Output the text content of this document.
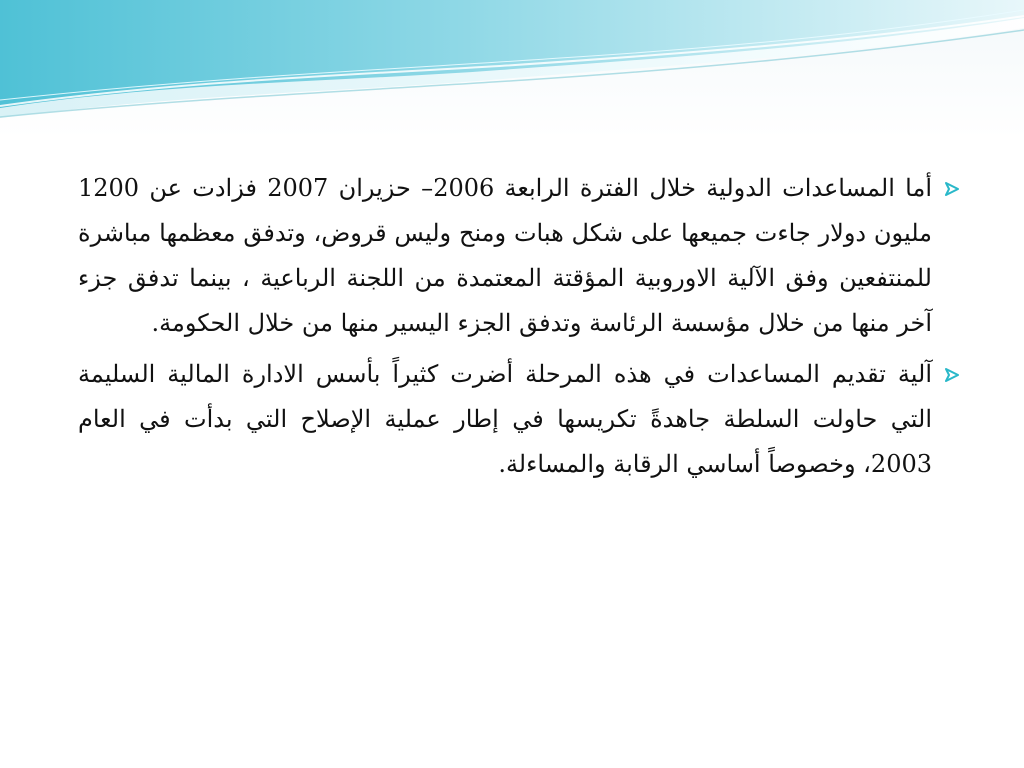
أما المساعدات الدولية خلال الفترة الرابعة 2006– حزيران 2007 فزادت عن 1200 مليون دولار جاءت جميعها على شكل هبات ومنح وليس قروض، وتدفق معظمها مباشرة للمنتفعين وفق الآلية الاوروبية المؤقتة المعتمدة من اللجنة الرباعية ، بينما تدفق جزء آخر منها من خلال مؤسسة الرئاسة وتدفق الجزء اليسير منها من خلال الحكومة.
آلية تقديم المساعدات في هذه المرحلة أضرت كثيراً بأسس الادارة المالية السليمة التي حاولت السلطة جاهدةً تكريسها في إطار عملية الإصلاح التي بدأت في العام 2003، وخصوصاً أساسي الرقابة والمساءلة.
